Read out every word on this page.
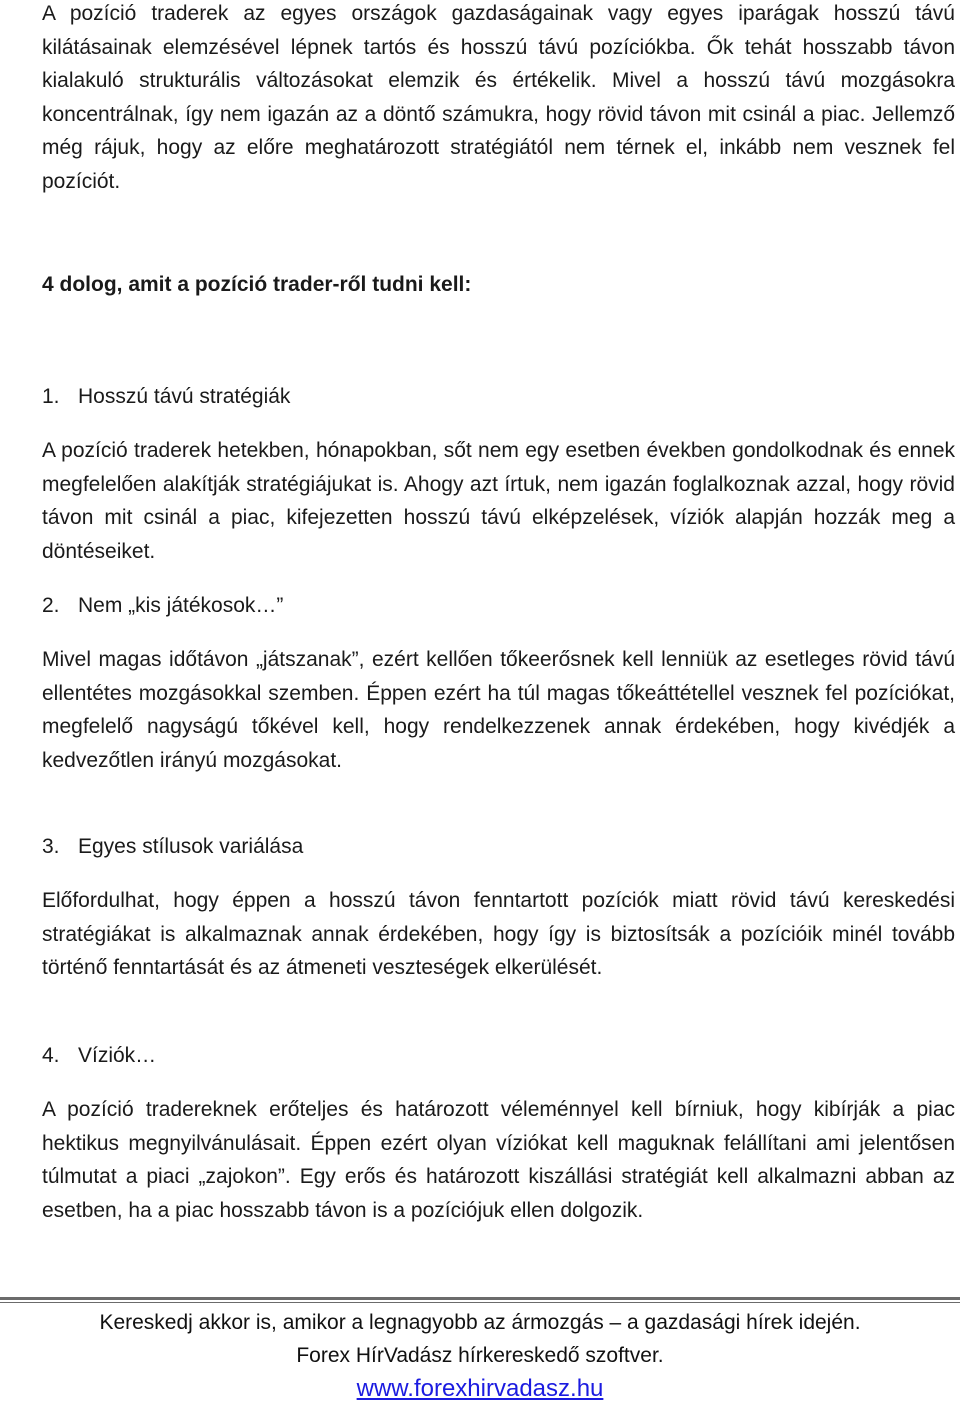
A pozíció traderek az egyes országok gazdaságainak vagy egyes iparágak hosszú távú kilátásainak elemzésével lépnek tartós és hosszú távú pozíciókba. Ők tehát hosszabb távon kialakuló strukturális változásokat elemzik és értékelik. Mivel a hosszú távú mozgásokra koncentrálnak, így nem igazán az a döntő számukra, hogy rövid távon mit csinál a piac. Jellemző még rájuk, hogy az előre meghatározott stratégiától nem térnek el, inkább nem vesznek fel pozíciót.

4 dolog, amit a pozíció trader-ről tudni kell:

1. Hosszú távú stratégiák

A pozíció traderek hetekben, hónapokban, sőt nem egy esetben években gondolkodnak és ennek megfelelően alakítják stratégiájukat is. Ahogy azt írtuk, nem igazán foglalkoznak azzal, hogy rövid távon mit csinál a piac, kifejezetten hosszú távú elképzelések, víziók alapján hozzák meg a döntéseiket.

2. Nem „kis játékosok…”

Mivel magas időtávon „játszanak”, ezért kellően tőkeerősnek kell lenniük az esetleges rövid távú ellentétes mozgásokkal szemben. Éppen ezért ha túl magas tőkeáttétellel vesznek fel pozíciókat, megfelelő nagyságú tőkével kell, hogy rendelkezzenek annak érdekében, hogy kivédjék a kedvezőtlen irányú mozgásokat.

3. Egyes stílusok variálása

Előfordulhat, hogy éppen a hosszú távon fenntartott pozíciók miatt rövid távú kereskedési stratégiákat is alkalmaznak annak érdekében, hogy így is biztosítsák a pozícióik minél tovább történő fenntartását és az átmeneti veszteségek elkerülését.

4. Víziók…

A pozíció tradereknek erőteljes és határozott véleménnyel kell bírniuk, hogy kibírják a piac hektikus megnyilvánulásait. Éppen ezért olyan víziókat kell maguknak felállítani ami jelentősen túlmutat a piaci „zajokon”. Egy erős és határozott kiszállási stratégiát kell alkalmazni abban az esetben, ha a piac hosszabb távon is a pozíciójuk ellen dolgozik.

Kereskedj akkor is, amikor a legnagyobb az ármozgás – a gazdasági hírek idején.
Forex HírVadász hírkereskedő szoftver.
www.forexhirvadasz.hu
